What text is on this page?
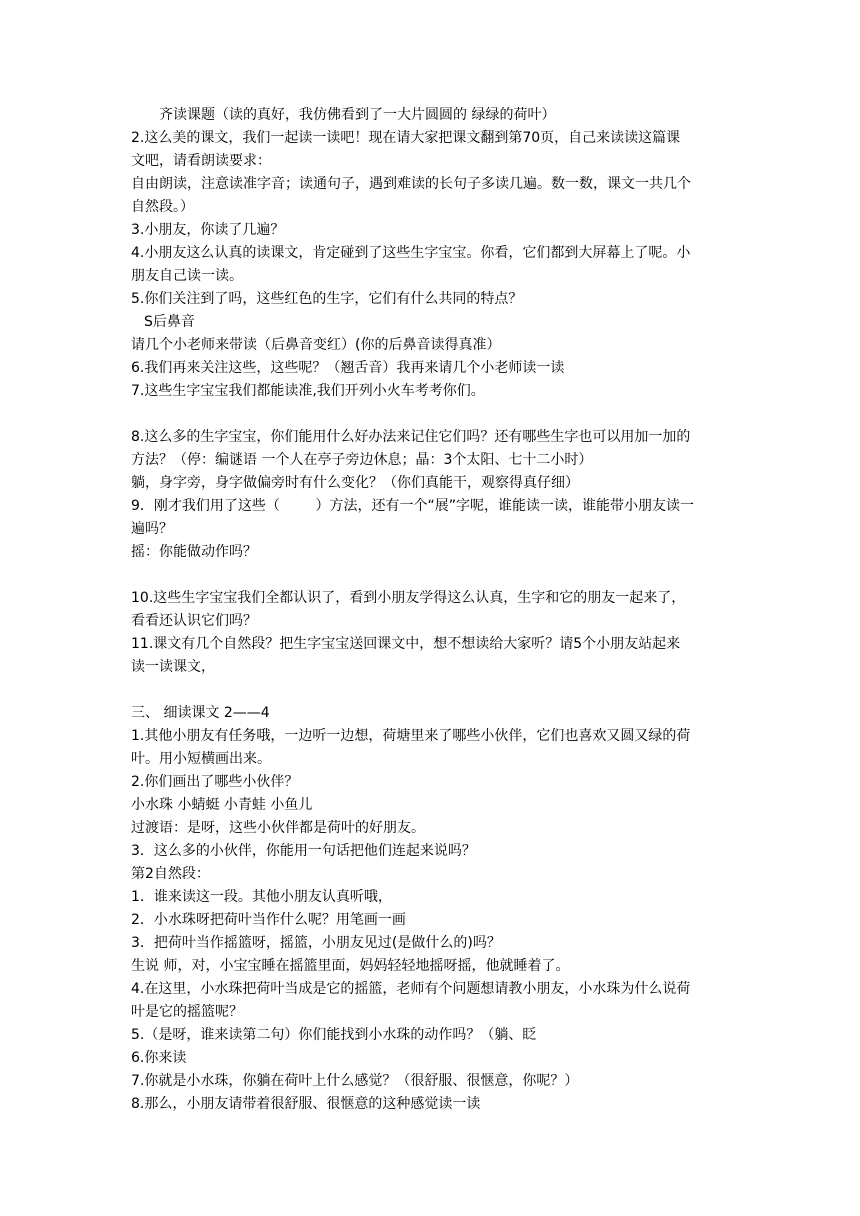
齐读课题（读的真好，我仿佛看到了一大片圆圆的 绿绿的荷叶）
2.这么美的课文，我们一起读一读吧！现在请大家把课文翻到第70页，自己来读读这篇课
文吧，请看朗读要求：
自由朗读，注意读准字音；读通句子，遇到难读的长句子多读几遍。数一数，课文一共几个
自然段。）
3.小朋友，你读了几遍？
4.小朋友这么认真的读课文，肯定碰到了这些生字宝宝。你看，它们都到大屏幕上了呢。小
朋友自己读一读。
5.你们关注到了吗，这些红色的生字，它们有什么共同的特点？
S后鼻音
请几个小老师来带读（后鼻音变红）(你的后鼻音读得真准）
6.我们再来关注这些，这些呢？（翘舌音）我再来请几个小老师读一读
7.这些生字宝宝我们都能读准,我们开列小火车考考你们。
8.这么多的生字宝宝，你们能用什么好办法来记住它们吗？还有哪些生字也可以用加一加的
方法？（停：编谜语 一个人在亭子旁边休息；晶：3个太阳、七十二小时）
躺，身字旁，身字做偏旁时有什么变化？（你们真能干，观察得真仔细）
9．刚才我们用了这些（        ）方法，还有一个“展”字呢，谁能读一读，谁能带小朋友读一
遍吗？
摇：你能做动作吗？
10.这些生字宝宝我们全都认识了，看到小朋友学得这么认真，生字和它的朋友一起来了，
看看还认识它们吗？
11.课文有几个自然段？把生字宝宝送回课文中，想不想读给大家听？请5个小朋友站起来
读一读课文，
三、 细读课文 2——4
1.其他小朋友有任务哦，一边听一边想，荷塘里来了哪些小伙伴，它们也喜欢又圆又绿的荷
叶。用小短横画出来。
2.你们画出了哪些小伙伴？
小水珠 小蜻蜓 小青蛙 小鱼儿
过渡语：是呀，这些小伙伴都是荷叶的好朋友。
3．这么多的小伙伴，你能用一句话把他们连起来说吗？
第2自然段：
1．谁来读这一段。其他小朋友认真听哦，
2．小水珠呀把荷叶当作什么呢？用笔画一画
3．把荷叶当作摇篮呀，摇篮，小朋友见过(是做什么的)吗？
生说 师，对，小宝宝睡在摇篮里面，妈妈轻轻地摇呀摇，他就睡着了。
4.在这里，小水珠把荷叶当成是它的摇篮，老师有个问题想请教小朋友，小水珠为什么说荷
叶是它的摇篮呢？
5.（是呀，谁来读第二句）你们能找到小水珠的动作吗？（躺、眨
6.你来读
7.你就是小水珠，你躺在荷叶上什么感觉？（很舒服、很惬意，你呢？）
8.那么，小朋友请带着很舒服、很惬意的这种感觉读一读
